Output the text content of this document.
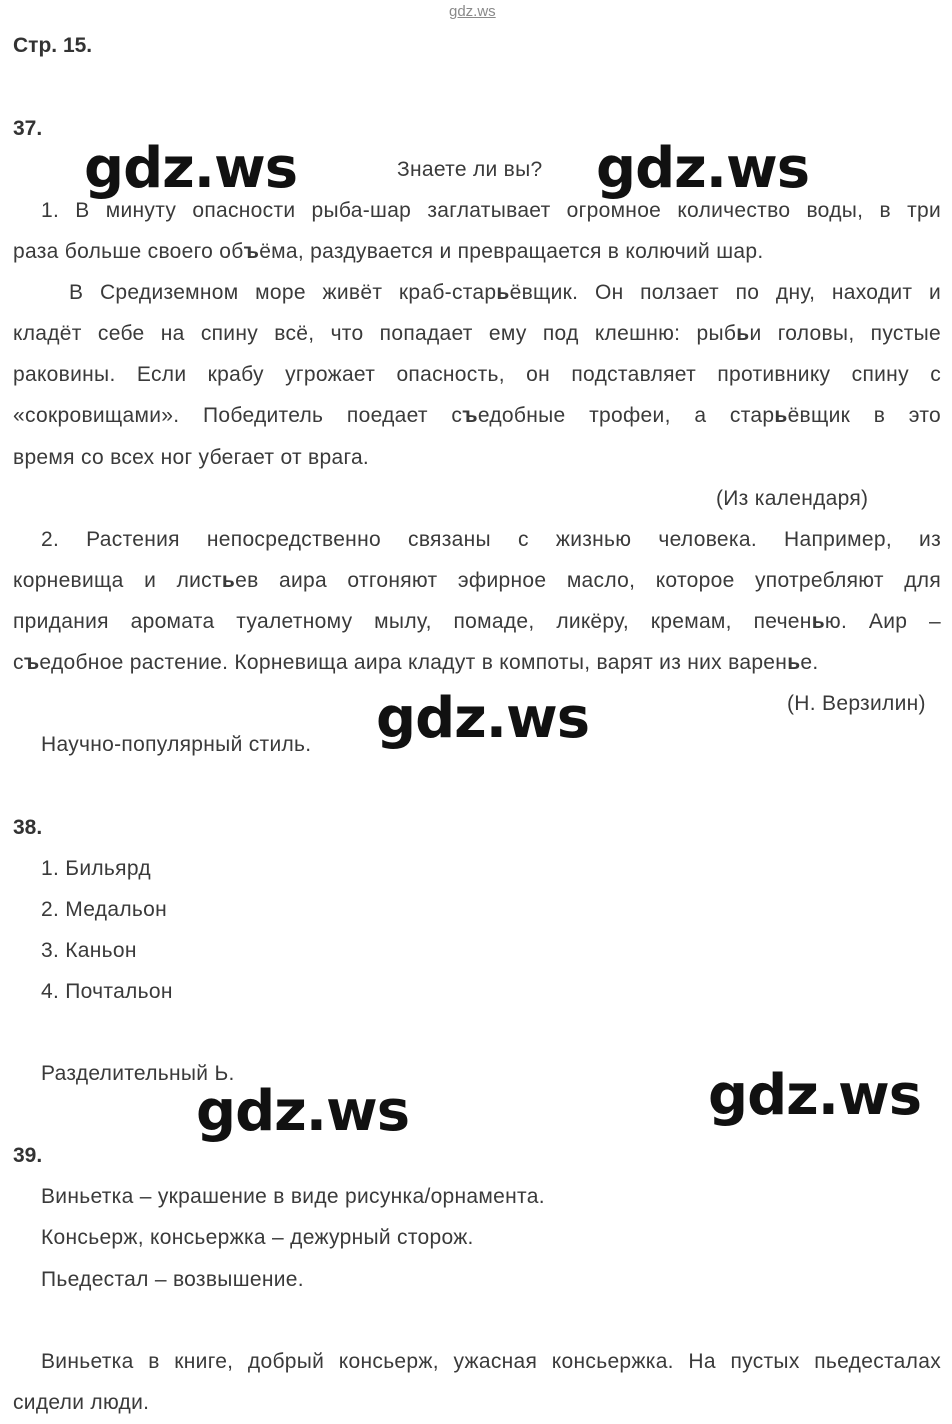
gdz.ws
Стр. 15.
37.
Знаете ли вы?
1. В минуту опасности рыба-шар заглатывает огромное количество воды, в три
раза больше своего объёма, раздувается и превращается в колючий шар.
В Средиземном море живёт краб-старьёвщик. Он ползает по дну, находит и
кладёт себе на спину всё, что попадает ему под клешню: рыбьи головы, пустые
раковины. Если крабу угрожает опасность, он подставляет противнику спину с
«сокровищами». Победитель поедает съедобные трофеи, а старьёвщик в это
время со всех ног убегает от врага.
(Из календаря)
2. Растения непосредственно связаны с жизнью человека. Например, из
корневища и листьев аира отгоняют эфирное масло, которое употребляют для
придания аромата туалетному мылу, помаде, ликёру, кремам, печенью. Аир –
съедобное растение. Корневища аира кладут в компоты, варят из них варенье.
(Н. Верзилин)
Научно-популярный стиль.
38.
1. Бильярд
2. Медальон
3. Каньон
4. Почтальон
Разделительный Ь.
39.
Виньетка – украшение в виде рисунка/орнамента.
Консьерж, консьержка – дежурный сторож.
Пьедестал – возвышение.
Виньетка в книге, добрый консьерж, ужасная консьержка. На пустых пьедесталах
сидели люди.
gdz.ws	gdz.ws
gdz.ws
gdz.ws
gdz.ws
